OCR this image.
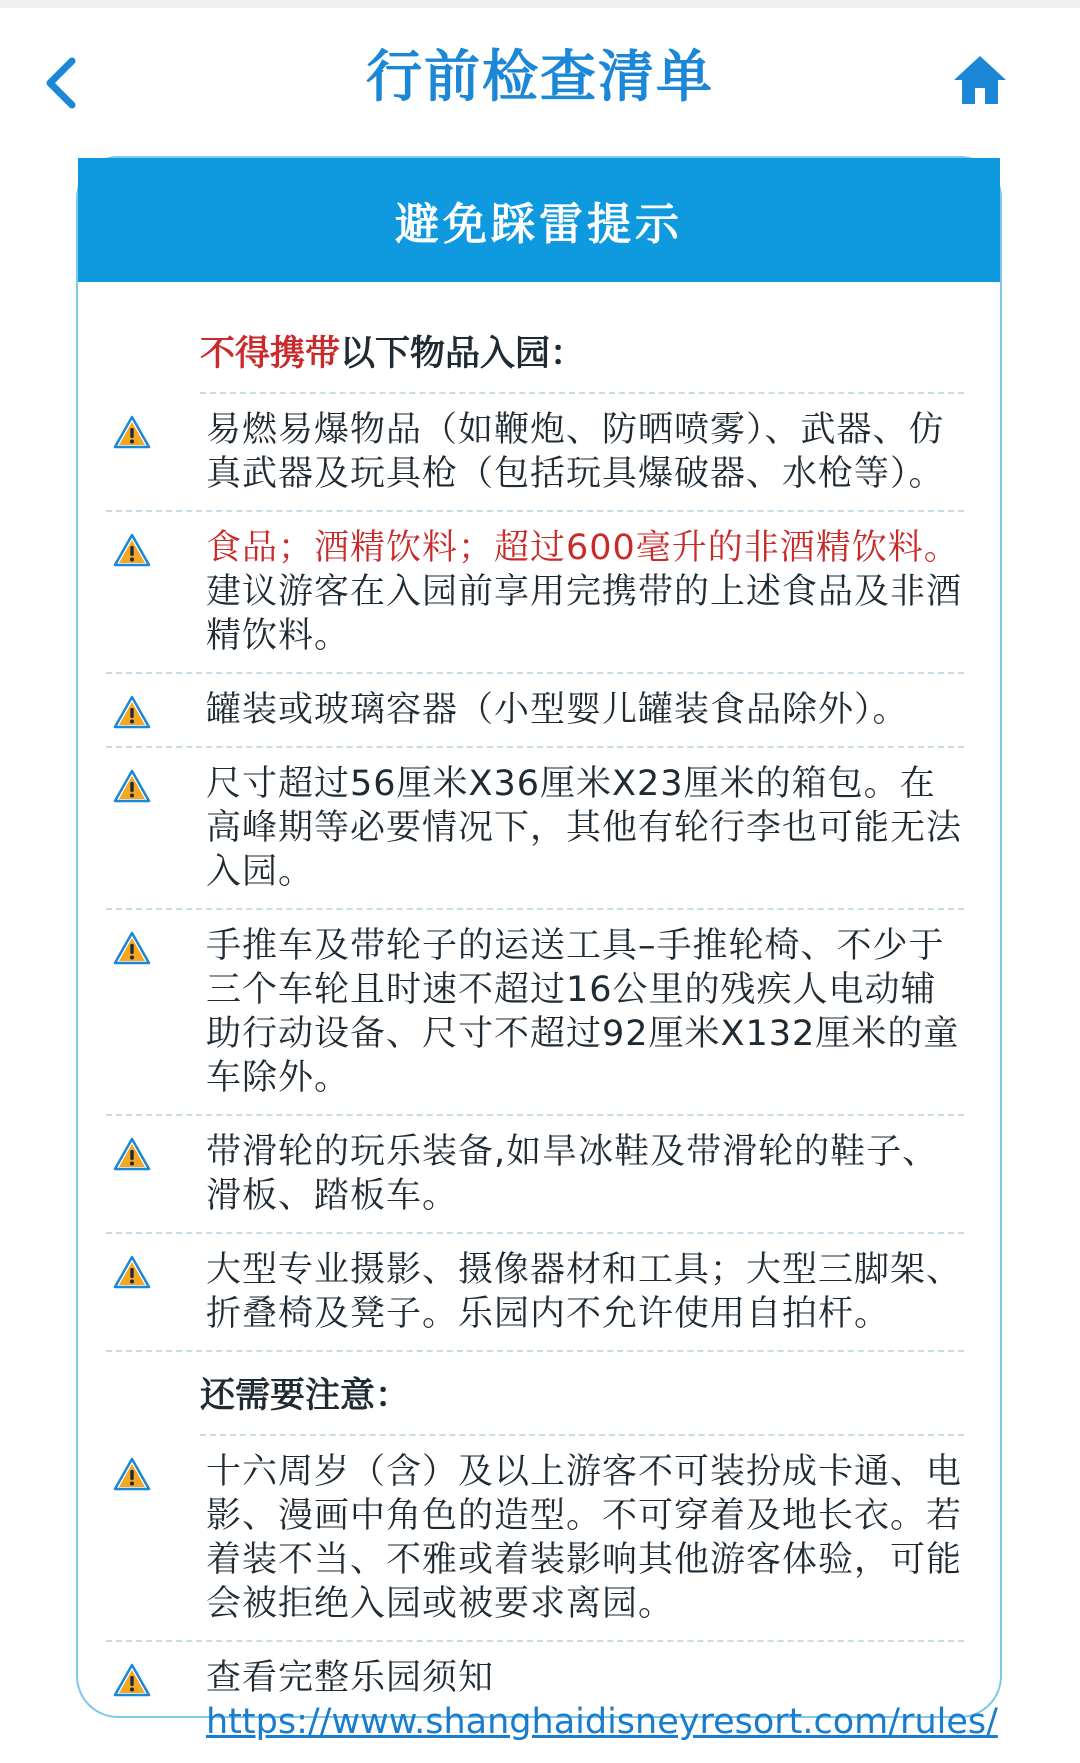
行前检查清单
避免踩雷提示
不得携带以下物品入园：
易燃易爆物品（如鞭炮、防晒喷雾）、武器、仿真武器及玩具枪（包括玩具爆破器、水枪等）。
食品；酒精饮料；超过600毫升的非酒精饮料。建议游客在入园前享用完携带的上述食品及非酒精饮料。
罐装或玻璃容器（小型婴儿罐装食品除外）。
尺寸超过56厘米X36厘米X23厘米的箱包。在高峰期等必要情况下，其他有轮行李也可能无法入园。
手推车及带轮子的运送工具–手推轮椅、不少于三个车轮且时速不超过16公里的残疾人电动辅助行动设备、尺寸不超过92厘米X132厘米的童车除外。
带滑轮的玩乐装备,如旱冰鞋及带滑轮的鞋子、滑板、踏板车。
大型专业摄影、摄像器材和工具；大型三脚架、折叠椅及凳子。乐园内不允许使用自拍杆。
还需要注意：
十六周岁（含）及以上游客不可装扮成卡通、电影、漫画中角色的造型。不可穿着及地长衣。若着装不当、不雅或着装影响其他游客体验，可能会被拒绝入园或被要求离园。
查看完整乐园须知
https://www.shanghaidisneyresort.com/rules/
